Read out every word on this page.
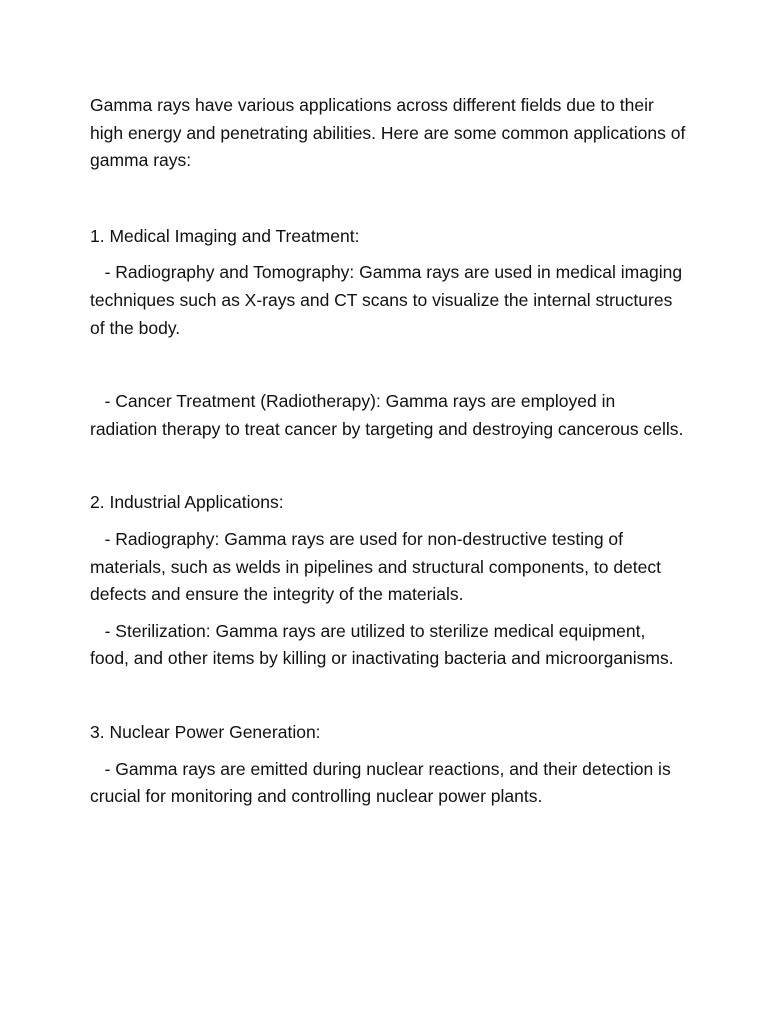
Gamma rays have various applications across different fields due to their high energy and penetrating abilities. Here are some common applications of gamma rays:

1. Medical Imaging and Treatment:

- Radiography and Tomography: Gamma rays are used in medical imaging techniques such as X-rays and CT scans to visualize the internal structures of the body.

- Cancer Treatment (Radiotherapy): Gamma rays are employed in radiation therapy to treat cancer by targeting and destroying cancerous cells.

2. Industrial Applications:

- Radiography: Gamma rays are used for non-destructive testing of materials, such as welds in pipelines and structural components, to detect defects and ensure the integrity of the materials.

- Sterilization: Gamma rays are utilized to sterilize medical equipment, food, and other items by killing or inactivating bacteria and microorganisms.

3. Nuclear Power Generation:

- Gamma rays are emitted during nuclear reactions, and their detection is crucial for monitoring and controlling nuclear power plants.
